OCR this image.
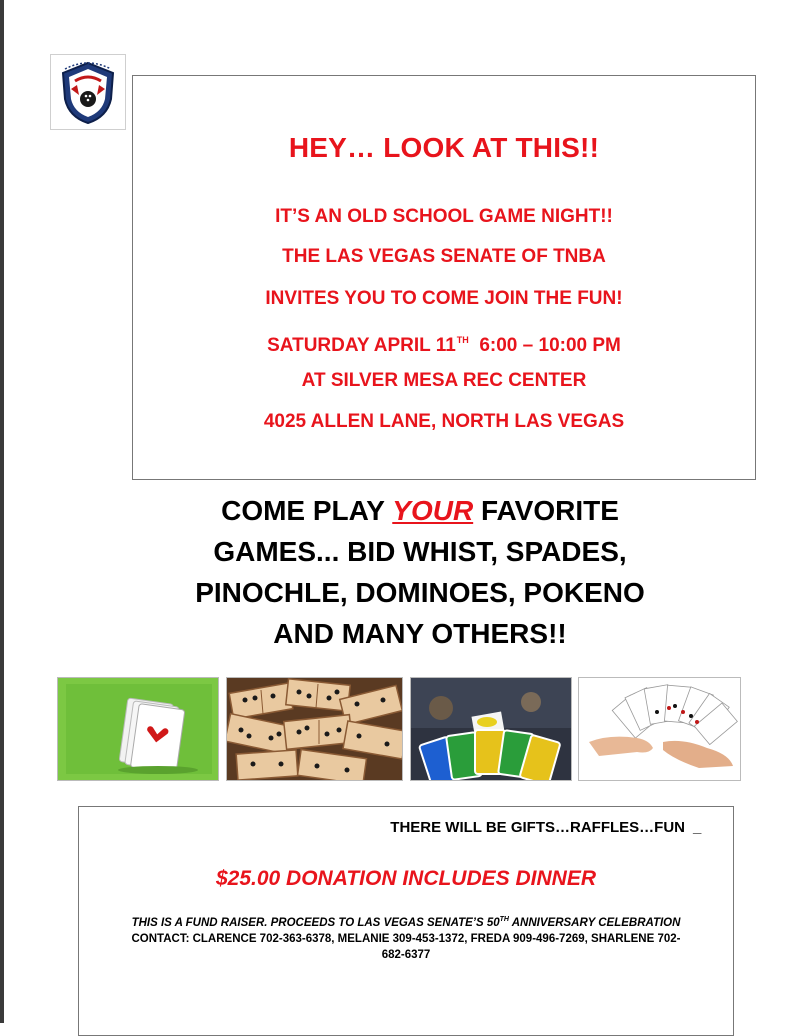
HEY… LOOK AT THIS!!
IT’S AN OLD SCHOOL GAME NIGHT!!
THE LAS VEGAS SENATE OF TNBA
INVITES YOU TO COME JOIN THE FUN!
SATURDAY APRIL 11TH 6:00 – 10:00 PM
AT SILVER MESA REC CENTER
4025 ALLEN LANE, NORTH LAS VEGAS
COME PLAY YOUR FAVORITE
GAMES... BID WHIST, SPADES,
PINOCHLE, DOMINOES, POKENO
AND MANY OTHERS!!
THERE WILL BE GIFTS…RAFFLES…FUN _
$25.00 DONATION INCLUDES DINNER
THIS IS A FUND RAISER. PROCEEDS TO LAS VEGAS SENATE’S 50TH ANNIVERSARY CELEBRATION
CONTACT: CLARENCE 702-363-6378, MELANIE 309-453-1372, FREDA 909-496-7269, SHARLENE 702-
682-6377
